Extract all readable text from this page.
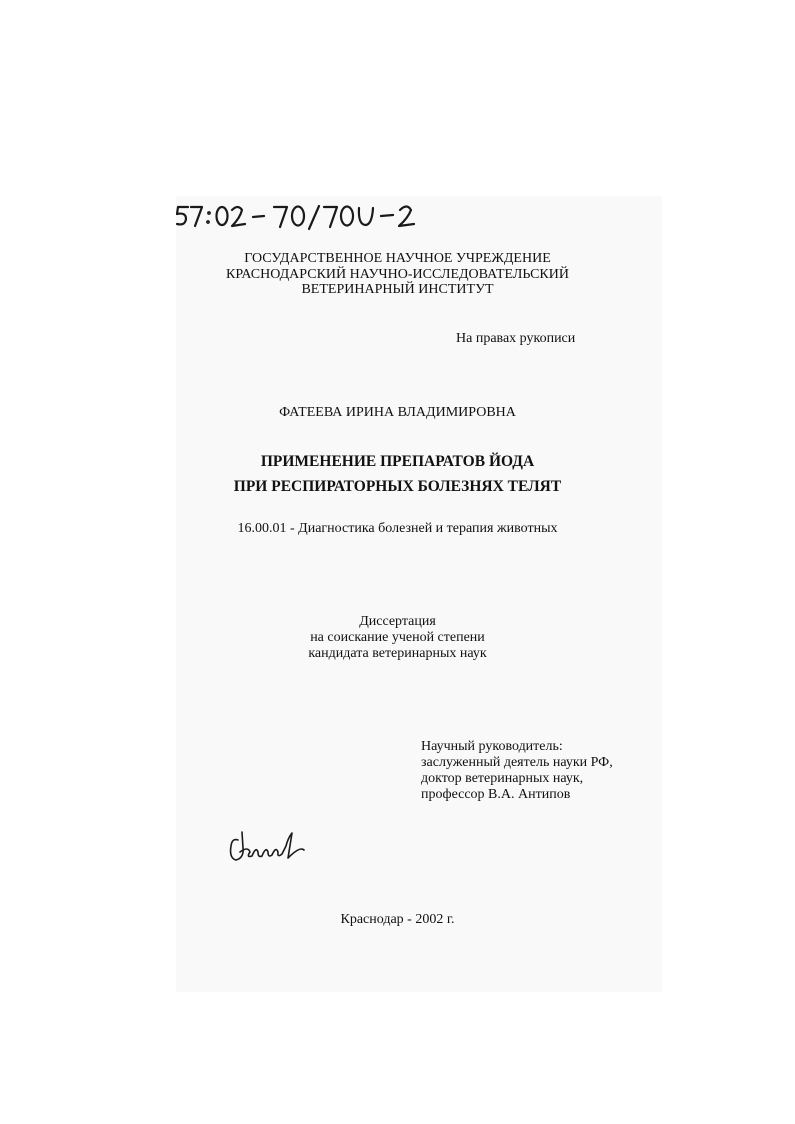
ГОСУДАРСТВЕННОЕ НАУЧНОЕ УЧРЕЖДЕНИЕ
КРАСНОДАРСКИЙ НАУЧНО-ИССЛЕДОВАТЕЛЬСКИЙ
ВЕТЕРИНАРНЫЙ ИНСТИТУТ
На правах рукописи
ФАТЕЕВА ИРИНА ВЛАДИМИРОВНА
ПРИМЕНЕНИЕ ПРЕПАРАТОВ ЙОДА
ПРИ РЕСПИРАТОРНЫХ БОЛЕЗНЯХ ТЕЛЯТ
16.00.01 - Диагностика болезней и терапия животных
Диссертация
на соискание ученой степени
кандидата ветеринарных наук
Научный руководитель:
заслуженный деятель науки РФ,
доктор ветеринарных наук,
профессор В.А. Антипов
Краснодар - 2002 г.
